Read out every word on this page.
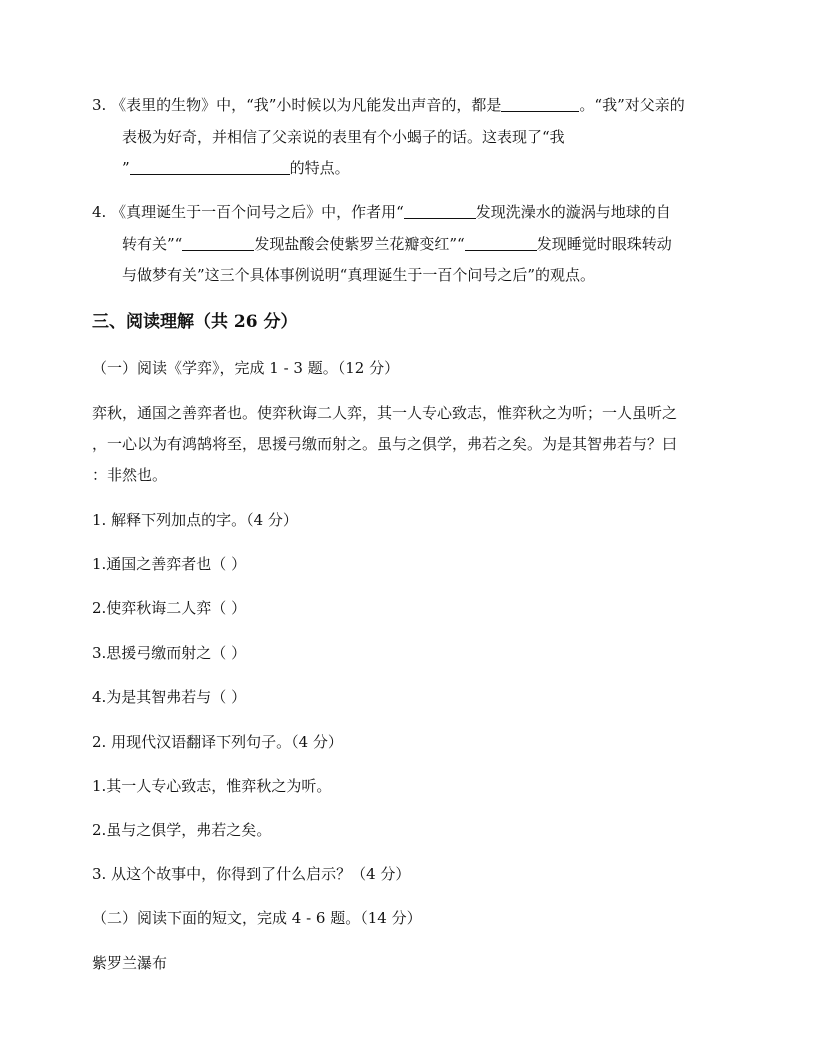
3. 《表里的生物》中，“我”小时候以为凡能发出声音的，都是	。“我”对父亲的
表极为好奇，并相信了父亲说的表里有个小蝎子的话。这表现了“我
”	的特点。
4. 《真理诞生于一百个问号之后》中，作者用“	发现洗澡水的漩涡与地球的自
转有关”“	发现盐酸会使紫罗兰花瓣变红”“	发现睡觉时眼珠转动
与做梦有关”这三个具体事例说明“真理诞生于一百个问号之后”的观点。
三、阅读理解（共 26 分）
（一）阅读《学弈》，完成 1 - 3 题。（12 分）
弈秋，通国之善弈者也。使弈秋诲二人弈，其一人专心致志，惟弈秋之为听；一人虽听之
，一心以为有鸿鹄将至，思援弓缴而射之。虽与之俱学，弗若之矣。为是其智弗若与？曰
：非然也。
1. 解释下列加点的字。（4 分）
1.通国之善弈者也（ ）
2.使弈秋诲二人弈（ ）
3.思援弓缴而射之（ ）
4.为是其智弗若与（ ）
2. 用现代汉语翻译下列句子。（4 分）
1.其一人专心致志，惟弈秋之为听。
2.虽与之俱学，弗若之矣。
3. 从这个故事中，你得到了什么启示？（4 分）
（二）阅读下面的短文，完成 4 - 6 题。（14 分）
紫罗兰瀑布
